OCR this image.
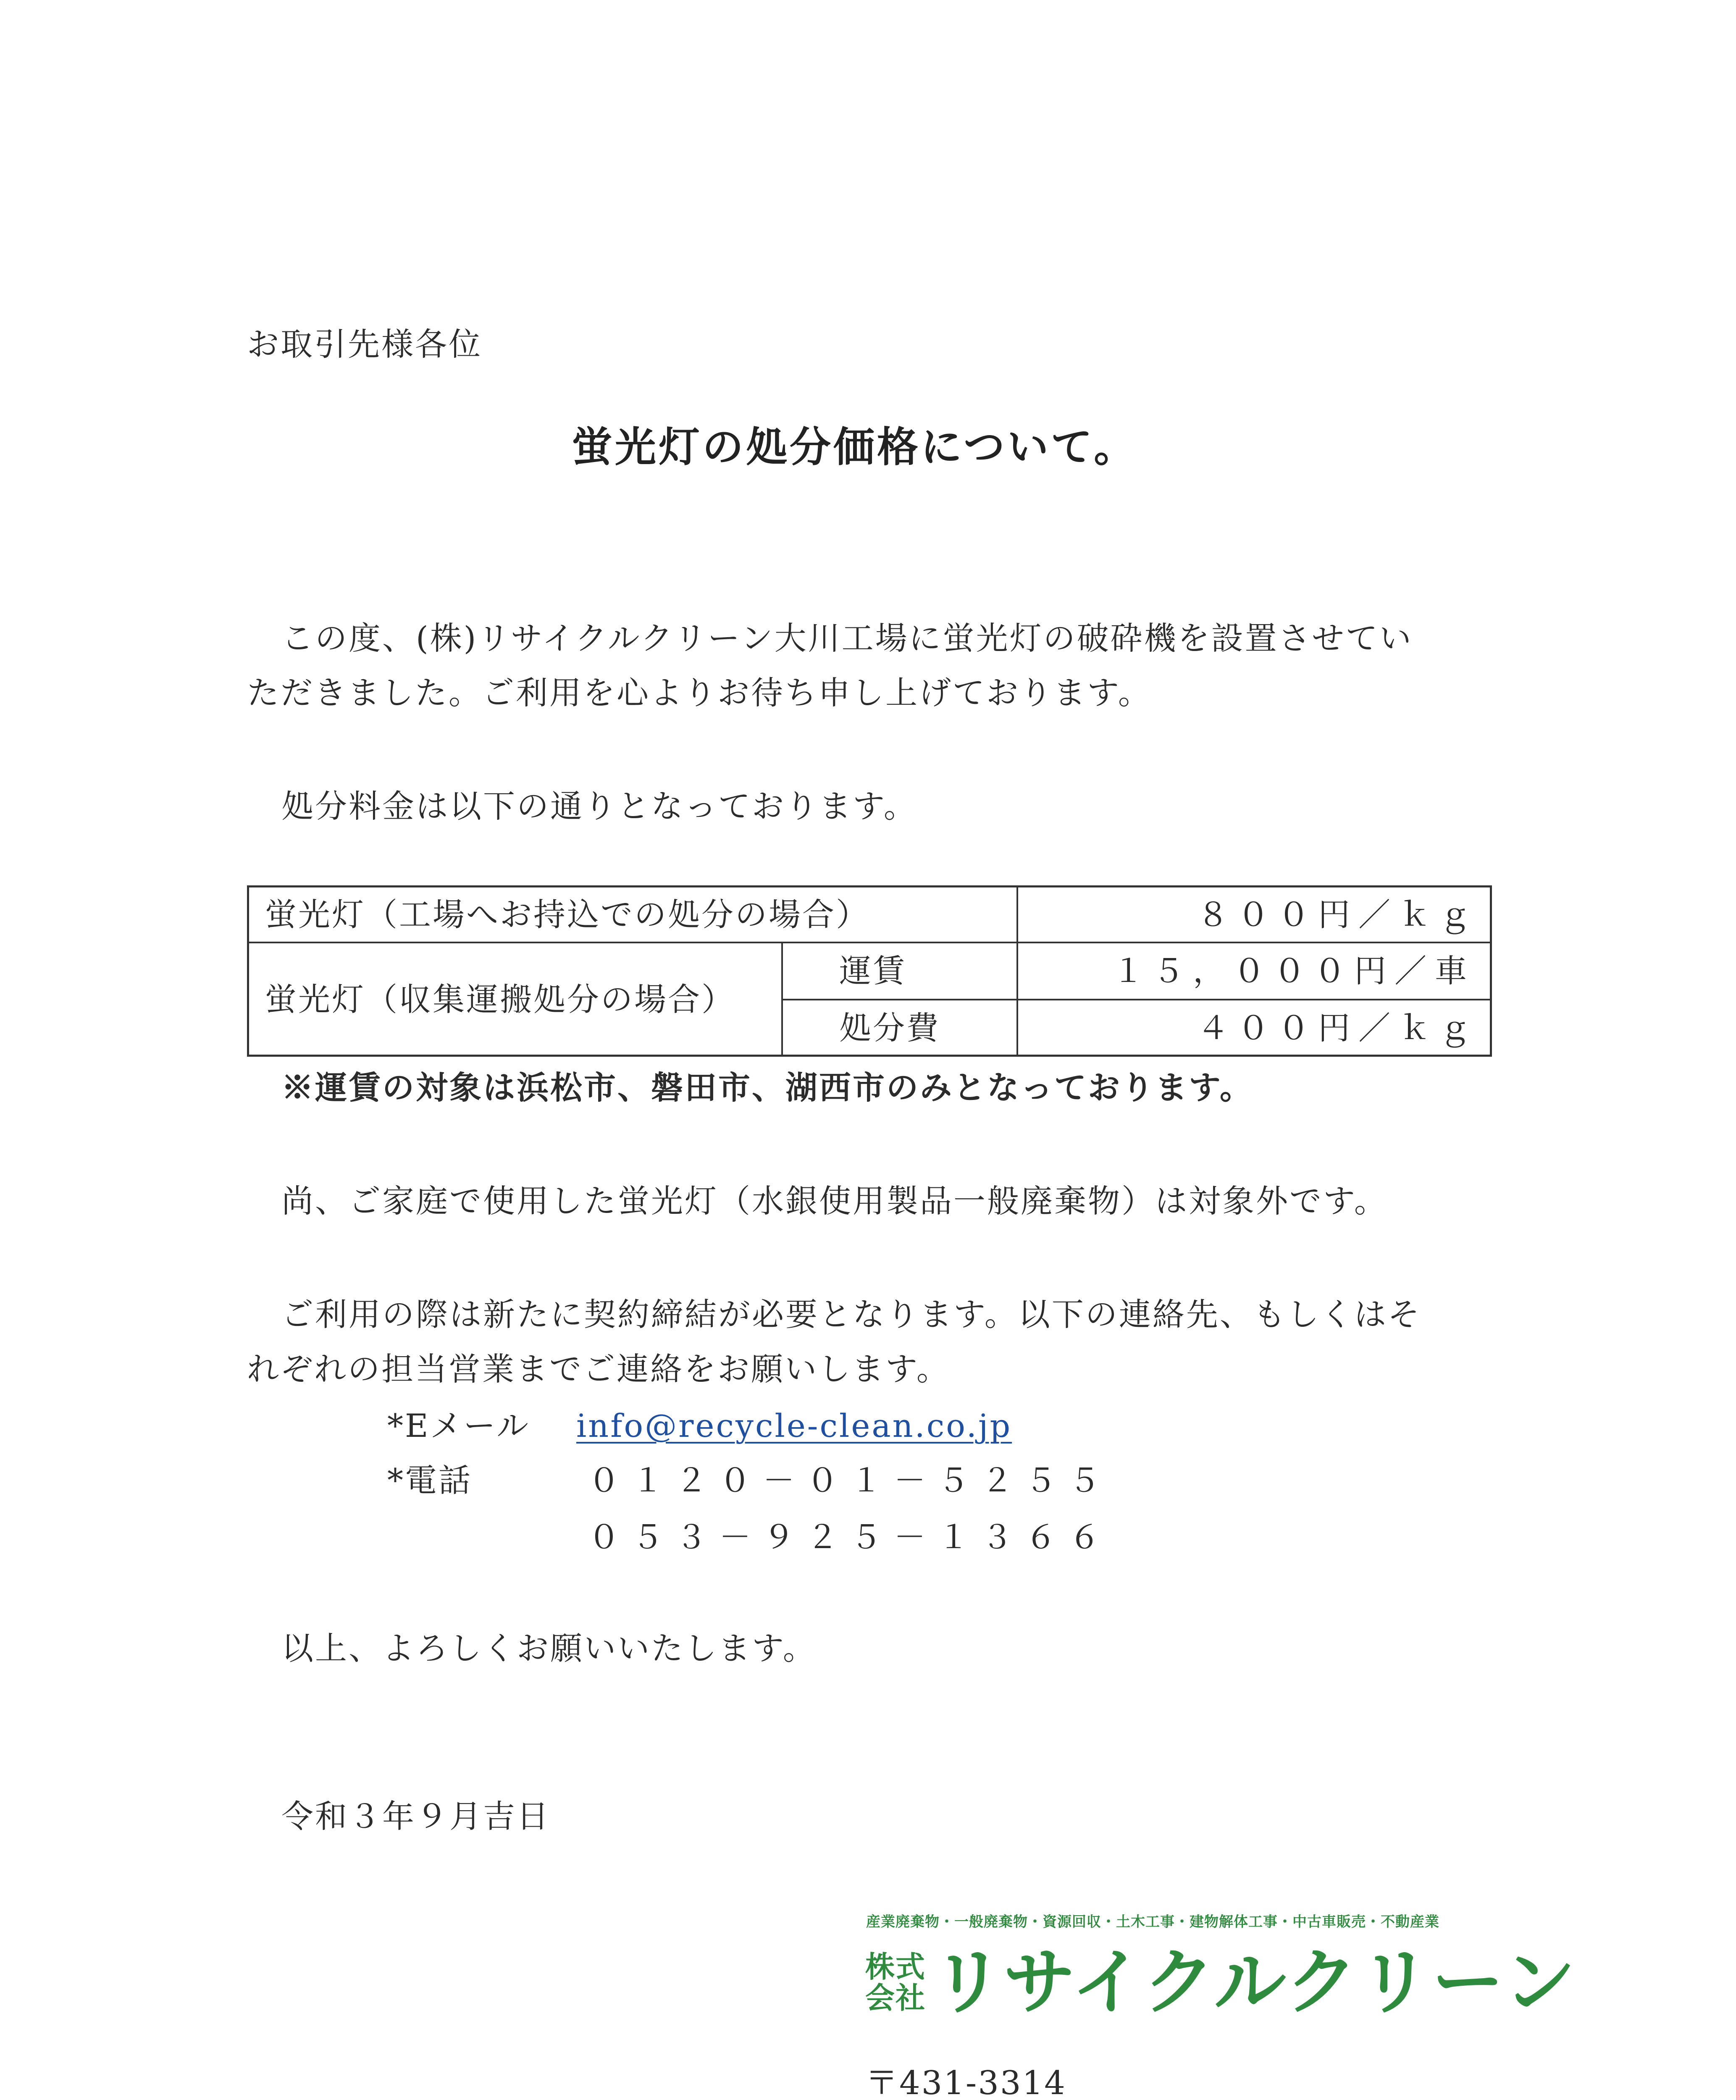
お取引先様各位
蛍光灯の処分価格について。
この度、(株)リサイクルクリーン大川工場に蛍光灯の破砕機を設置させてい
ただきました。ご利用を心よりお待ち申し上げております。
処分料金は以下の通りとなっております。
蛍光灯（工場へお持込での処分の場合）	８００円／ｋｇ
蛍光灯（収集運搬処分の場合）
運賃	１５，０００円／車
処分費	４００円／ｋｇ
※運賃の対象は浜松市、磐田市、湖西市のみとなっております。
尚、ご家庭で使用した蛍光灯（水銀使用製品一般廃棄物）は対象外です。
ご利用の際は新たに契約締結が必要となります。以下の連絡先、もしくはそ
れぞれの担当営業までご連絡をお願いします。
*Eメール info@recycle-clean.co.jp
*電話	０１２０－０１－５２５５
０５３－９２５－１３６６
以上、よろしくお願いいたします。
令和３年９月吉日
産業廃棄物・一般廃棄物・資源回収・土木工事・建物解体工事・中古車販売・不動産業
株式
会社 リサイクルクリーン
〒431-3314
